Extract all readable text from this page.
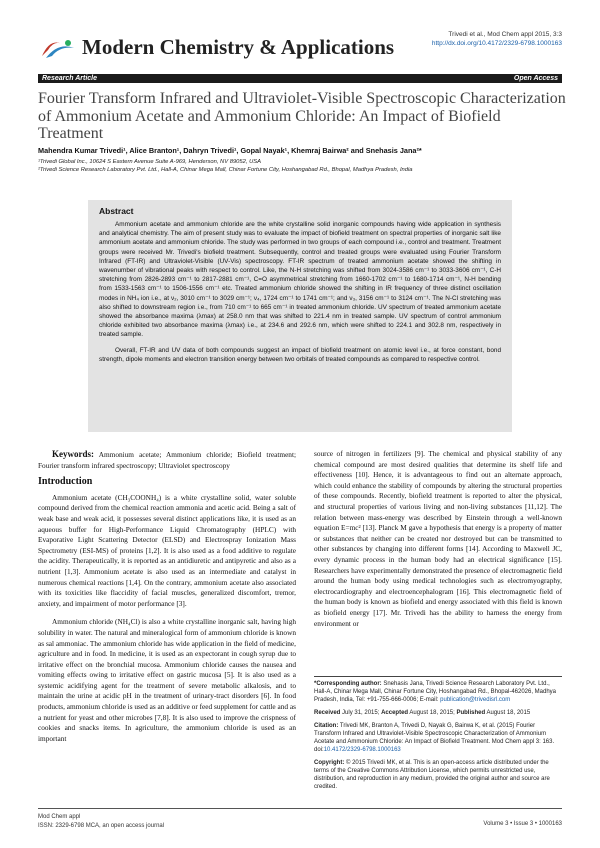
Modern Chemistry & Applications
Trivedi et al., Mod Chem appl 2015, 3:3
http://dx.doi.org/10.4172/2329-6798.1000163
Research Article	Open Access
Fourier Transform Infrared and Ultraviolet-Visible Spectroscopic Characterization of Ammonium Acetate and Ammonium Chloride: An Impact of Biofield Treatment
Mahendra Kumar Trivedi¹, Alice Branton¹, Dahryn Trivedi¹, Gopal Nayak¹, Khemraj Bairwa² and Snehasis Jana²*
¹Trivedi Global Inc., 10624 S Eastern Avenue Suite A-969, Henderson, NV 89052, USA
²Trivedi Science Research Laboratory Pvt. Ltd., Hall-A, Chinar Mega Mall, Chinar Fortune City, Hoshangabad Rd., Bhopal, Madhya Pradesh, India
Abstract

Ammonium acetate and ammonium chloride are the white crystalline solid inorganic compounds having wide application in synthesis and analytical chemistry. The aim of present study was to evaluate the impact of biofield treatment on spectral properties of inorganic salt like ammonium acetate and ammonium chloride. The study was performed in two groups of each compound i.e., control and treatment. Treatment groups were received Mr. Trivedi's biofield treatment. Subsequently, control and treated groups were evaluated using Fourier Transform Infrared (FT-IR) and Ultraviolet-Visible (UV-Vis) spectroscopy. FT-IR spectrum of treated ammonium acetate showed the shifting in wavenumber of vibrational peaks with respect to control. Like, the N-H stretching was shifted from 3024-3586 cm⁻¹ to 3033-3606 cm⁻¹, C-H stretching from 2826-2893 cm⁻¹ to 2817-2881 cm⁻¹, C=O asymmetrical stretching from 1660-1702 cm⁻¹ to 1680-1714 cm⁻¹, N-H bending from 1533-1563 cm⁻¹ to 1506-1556 cm⁻¹ etc. Treated ammonium chloride showed the shifting in IR frequency of three distinct oscillation modes in NH₄ ion i.e., at ν₂, 3010 cm⁻¹ to 3029 cm⁻¹; ν₄, 1724 cm⁻¹ to 1741 cm⁻¹; and ν₃, 3156 cm⁻¹ to 3124 cm⁻¹. The N-Cl stretching was also shifted to downstream region i.e., from 710 cm⁻¹ to 665 cm⁻¹ in treated ammonium chloride. UV spectrum of treated ammonium acetate showed the absorbance maxima (λmax) at 258.0 nm that was shifted to 221.4 nm in treated sample. UV spectrum of control ammonium chloride exhibited two absorbance maxima (λmax) i.e., at 234.6 and 292.6 nm, which were shifted to 224.1 and 302.8 nm, respectively in treated sample.

Overall, FT-IR and UV data of both compounds suggest an impact of biofield treatment on atomic level i.e., at force constant, bond strength, dipole moments and electron transition energy between two orbitals of treated compounds as compared to respective control.

Keywords: Ammonium acetate; Ammonium chloride; Biofield treatment; Fourier transform infrared spectroscopy; Ultraviolet spectroscopy

Introduction

Ammonium acetate (CH₃COONH₄) is a white crystalline solid, water soluble compound derived from the chemical reaction ammonia and acetic acid. Being a salt of weak base and weak acid, it possesses several distinct applications like, it is used as an aqueous buffer for High-Performance Liquid Chromatography (HPLC) with Evaporative Light Scattering Detector (ELSD) and Electrospray Ionization Mass Spectrometry (ESI-MS) of proteins [1,2]. It is also used as a food additive to regulate the acidity. Therapeutically, it is reported as an antidiuretic and antipyretic and also as a nutrient [1,3]. Ammonium acetate is also used as an intermediate and catalyst in numerous chemical reactions [1,4]. On the contrary, ammonium acetate also associated with its toxicities like flaccidity of facial muscles, generalized discomfort, tremor, anxiety, and impairment of motor performance [3].

Ammonium chloride (NH₄Cl) is also a white crystalline inorganic salt, having high solubility in water. The natural and mineralogical form of ammonium chloride is known as sal ammoniac. The ammonium chloride has wide application in the field of medicine, agriculture and in food. In medicine, it is used as an expectorant in cough syrup due to irritative effect on the bronchial mucosa. Ammonium chloride causes the nausea and vomiting effects owing to irritative effect on gastric mucosa [5]. It is also used as a systemic acidifying agent for the treatment of severe metabolic alkalosis, and to maintain the urine at acidic pH in the treatment of urinary-tract disorders [6]. In food products, ammonium chloride is used as an additive or feed supplement for cattle and as a nutrient for yeast and other microbes [7,8]. It is also used to improve the crispness of cookies and snacks items. In agriculture, the ammonium chloride is used as an important

source of nitrogen in fertilizers [9]. The chemical and physical stability of any chemical compound are most desired qualities that determine its shelf life and effectiveness [10]. Hence, it is advantageous to find out an alternate approach, which could enhance the stability of compounds by altering the structural properties of these compounds. Recently, biofield treatment is reported to alter the physical, and structural properties of various living and non-living substances [11,12]. The relation between mass-energy was described by Einstein through a well-known equation E=mc² [13]. Planck M gave a hypothesis that energy is a property of matter or substances that neither can be created nor destroyed but can be transmitted to other substances by changing into different forms [14]. According to Maxwell JC, every dynamic process in the human body had an electrical significance [15]. Researchers have experimentally demonstrated the presence of electromagnetic field around the human body using medical technologies such as electromyography, electrocardiography and electroencephalogram [16]. This electromagnetic field of the human body is known as biofield and energy associated with this field is known as biofield energy [17]. Mr. Trivedi has the ability to harness the energy from environment or

*Corresponding author: Snehasis Jana, Trivedi Science Research Laboratory Pvt. Ltd., Hall-A, Chinar Mega Mall, Chinar Fortune City, Hoshangabad Rd., Bhopal-462026, Madhya Pradesh, India, Tel: +91-755-666-0006; E-mail: publication@trivedisrl.com

Received July 31, 2015; Accepted August 18, 2015; Published August 18, 2015

Citation: Trivedi MK, Branton A, Trivedi D, Nayak G, Bairwa K, et al. (2015) Fourier Transform Infrared and Ultraviolet-Visible Spectroscopic Characterization of Ammonium Acetate and Ammonium Chloride: An Impact of Biofield Treatment. Mod Chem appl 3: 163. doi:10.4172/2329-6798.1000163

Copyright: © 2015 Trivedi MK, et al. This is an open-access article distributed under the terms of the Creative Commons Attribution License, which permits unrestricted use, distribution, and reproduction in any medium, provided the original author and source are credited.

Mod Chem appl
ISSN: 2329-6798 MCA, an open access journal	Volume 3 • Issue 3 • 1000163
